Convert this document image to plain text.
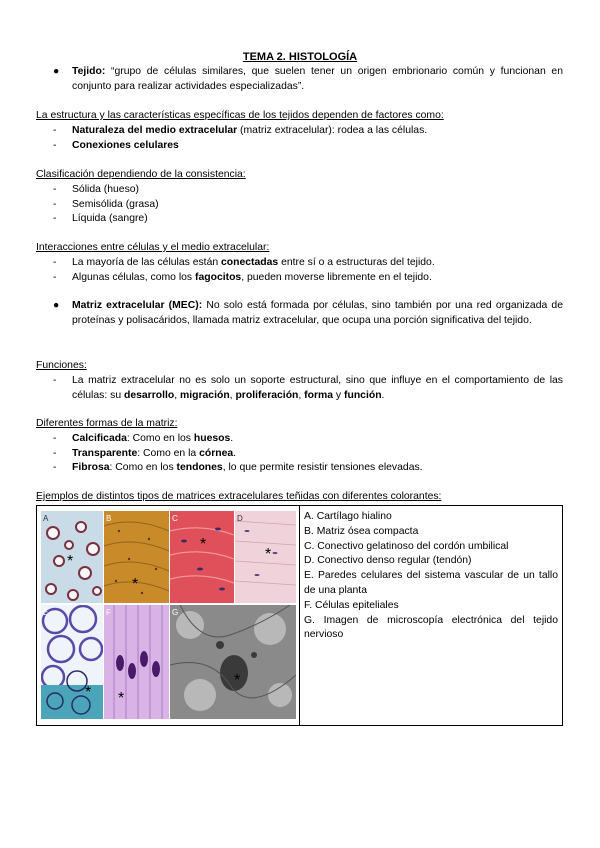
TEMA 2. HISTOLOGÍA
● Tejido: “grupo de células similares, que suelen tener un origen embrionario común y funcionan en conjunto para realizar actividades especializadas”.
La estructura y las características específicas de los tejidos dependen de factores como:
- Naturaleza del medio extracelular (matriz extracelular): rodea a las células.
- Conexiones celulares
Clasificación dependiendo de la consistencia:
- Sólida (hueso)
- Semisólida (grasa)
- Líquida (sangre)
Interacciones entre células y el medio extracelular:
- La mayoría de las células están conectadas entre sí o a estructuras del tejido.
- Algunas células, como los fagocitos, pueden moverse libremente en el tejido.
● Matriz extracelular (MEC): No solo está formada por células, sino también por una red organizada de proteínas y polisacáridos, llamada matriz extracelular, que ocupa una porción significativa del tejido.
Funciones:
- La matriz extracelular no es solo un soporte estructural, sino que influye en el comportamiento de las células: su desarrollo, migración, proliferación, forma y función.
Diferentes formas de la matriz:
- Calcificada: Como en los huesos.
- Transparente: Como en la córnea.
- Fibrosa: Como en los tendones, lo que permite resistir tensiones elevadas.
Ejemplos de distintos tipos de matrices extracelulares teñidas con diferentes colorantes:
A
*
B
*
C
*
D
*
E
*
F
*
G
*
A. Cartílago hialino
B. Matriz ósea compacta
C. Conectivo gelatinoso del cordón umbilical
D. Conectivo denso regular (tendón)
E. Paredes celulares del sistema vascular de un tallo de una planta
F. Células epiteliales
G. Imagen de microscopía electrónica del tejido nervioso
